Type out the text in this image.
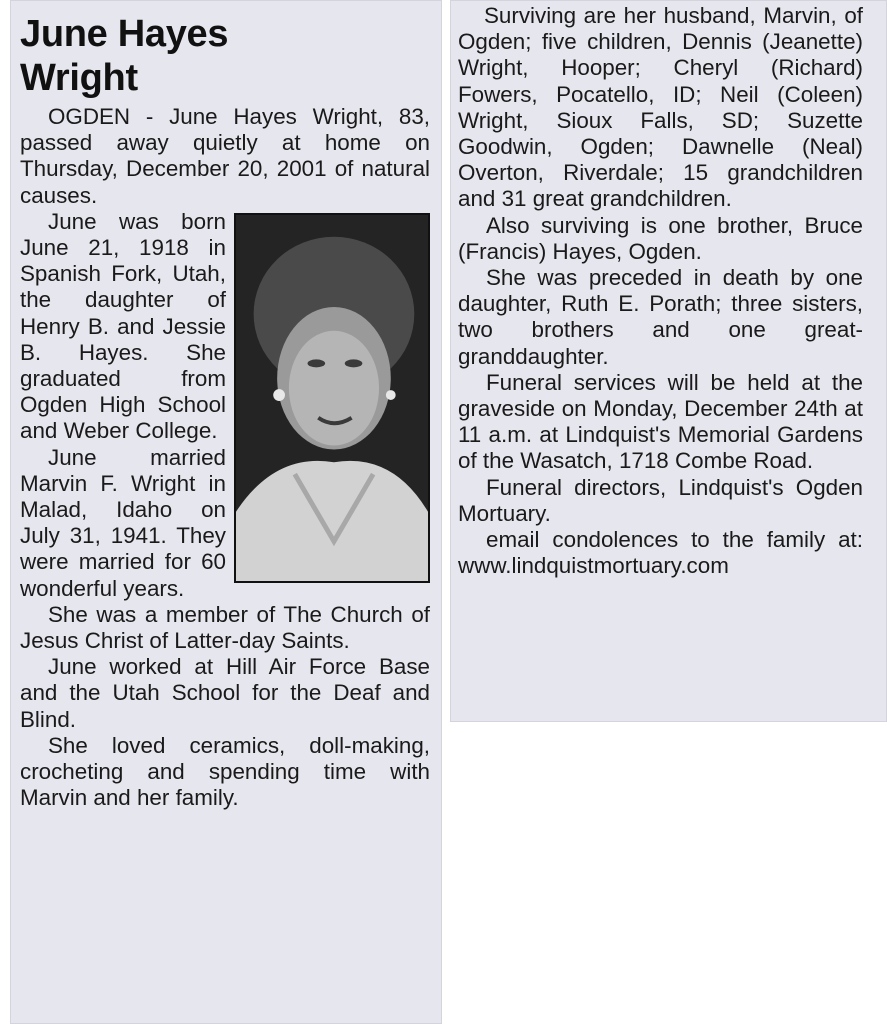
June Hayes
Wright

OGDEN - June Hayes Wright, 83, passed away quietly at home on Thursday, December 20, 2001 of natural causes.

June was born June 21, 1918 in Spanish Fork, Utah, the daughter of Henry B. and Jessie B. Hayes. She graduated from Ogden High School and Weber College.

June married Marvin F. Wright in Malad, Idaho on July 31, 1941. They were married for 60 wonderful years.

She was a member of The Church of Jesus Christ of Latter-day Saints.

June worked at Hill Air Force Base and the Utah School for the Deaf and Blind.

She loved ceramics, doll-making, crocheting and spending time with Marvin and her family.

Surviving are her husband, Marvin, of Ogden; five children, Dennis (Jeanette) Wright, Hooper; Cheryl (Richard) Fowers, Pocatello, ID; Neil (Coleen) Wright, Sioux Falls, SD; Suzette Goodwin, Ogden; Dawnelle (Neal) Overton, Riverdale; 15 grandchildren and 31 great grandchildren.

Also surviving is one brother, Bruce (Francis) Hayes, Ogden.

She was preceded in death by one daughter, Ruth E. Porath; three sisters, two brothers and one great-granddaughter.

Funeral services will be held at the graveside on Monday, December 24th at 11 a.m. at Lindquist's Memorial Gardens of the Wasatch, 1718 Combe Road.

Funeral directors, Lindquist's Ogden Mortuary.

email condolences to the family at: www.lindquistmortuary.com
